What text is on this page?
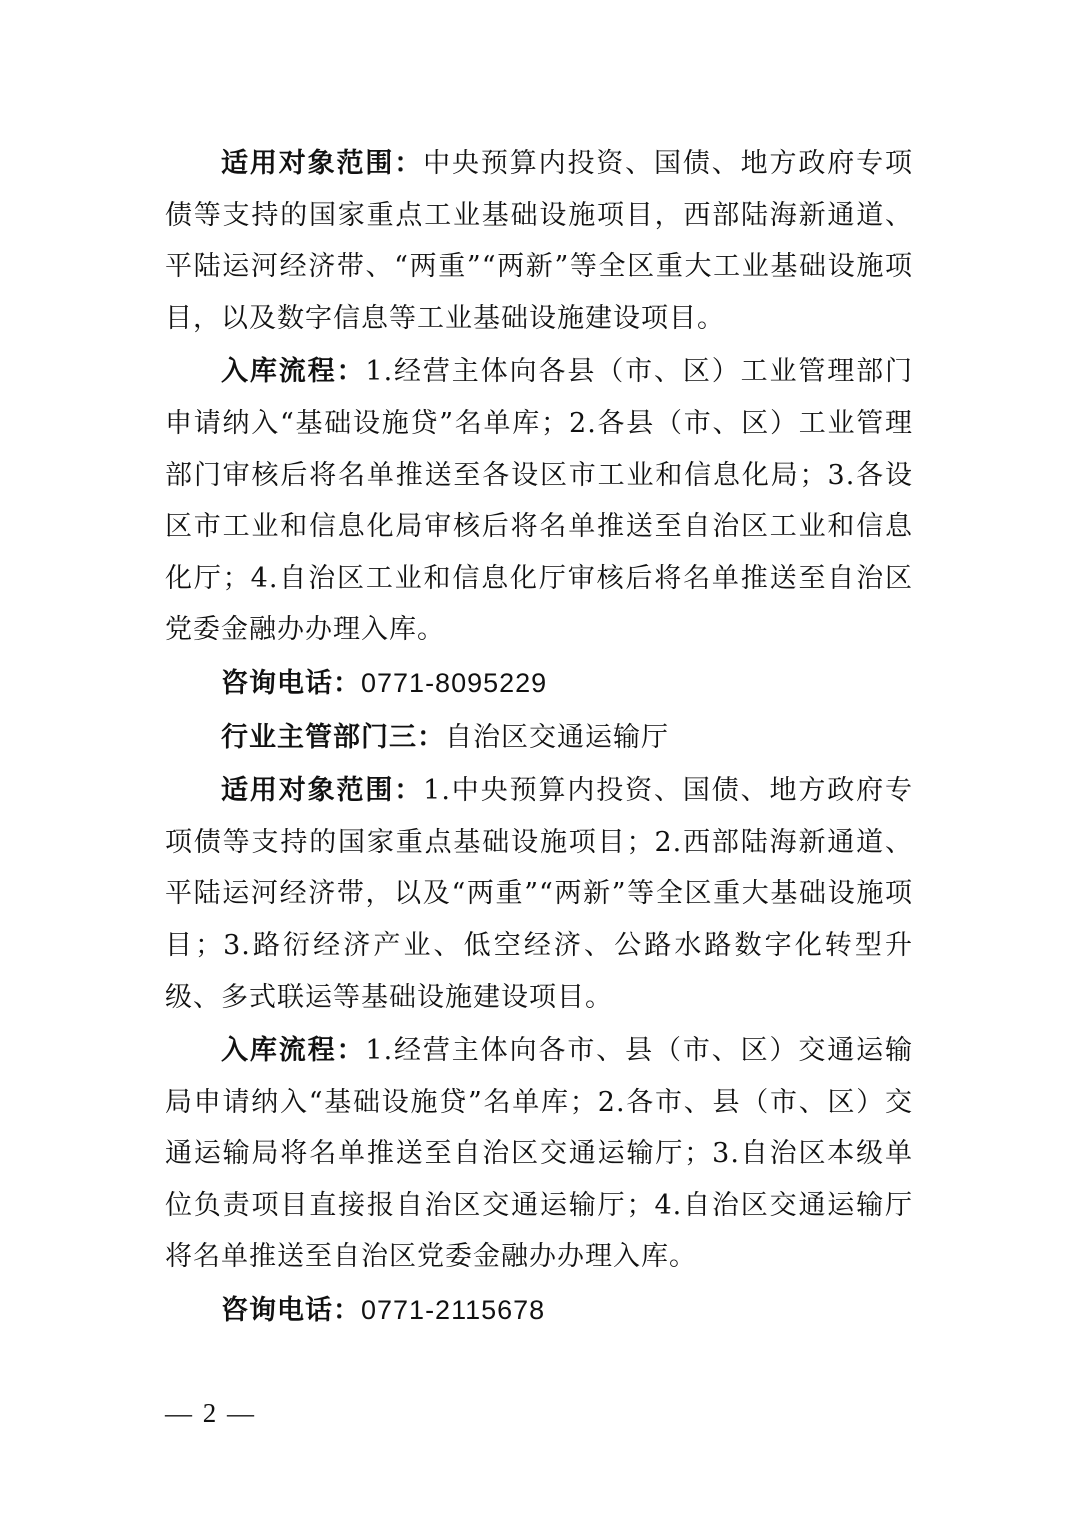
适用对象范围：中央预算内投资、国债、地方政府专项债等支持的国家重点工业基础设施项目，西部陆海新通道、平陆运河经济带、“两重”“两新”等全区重大工业基础设施项目，以及数字信息等工业基础设施建设项目。

入库流程：1.经营主体向各县（市、区）工业管理部门申请纳入“基础设施贷”名单库；2.各县（市、区）工业管理部门审核后将名单推送至各设区市工业和信息化局；3.各设区市工业和信息化局审核后将名单推送至自治区工业和信息化厅；4.自治区工业和信息化厅审核后将名单推送至自治区党委金融办办理入库。

咨询电话：0771-8095229

行业主管部门三：自治区交通运输厅

适用对象范围：1.中央预算内投资、国债、地方政府专项债等支持的国家重点基础设施项目；2.西部陆海新通道、平陆运河经济带，以及“两重”“两新”等全区重大基础设施项目；3.路衍经济产业、低空经济、公路水路数字化转型升级、多式联运等基础设施建设项目。

入库流程：1.经营主体向各市、县（市、区）交通运输局申请纳入“基础设施贷”名单库；2.各市、县（市、区）交通运输局将名单推送至自治区交通运输厅；3.自治区本级单位负责项目直接报自治区交通运输厅；4.自治区交通运输厅将名单推送至自治区党委金融办办理入库。

咨询电话：0771-2115678

— 2 —
